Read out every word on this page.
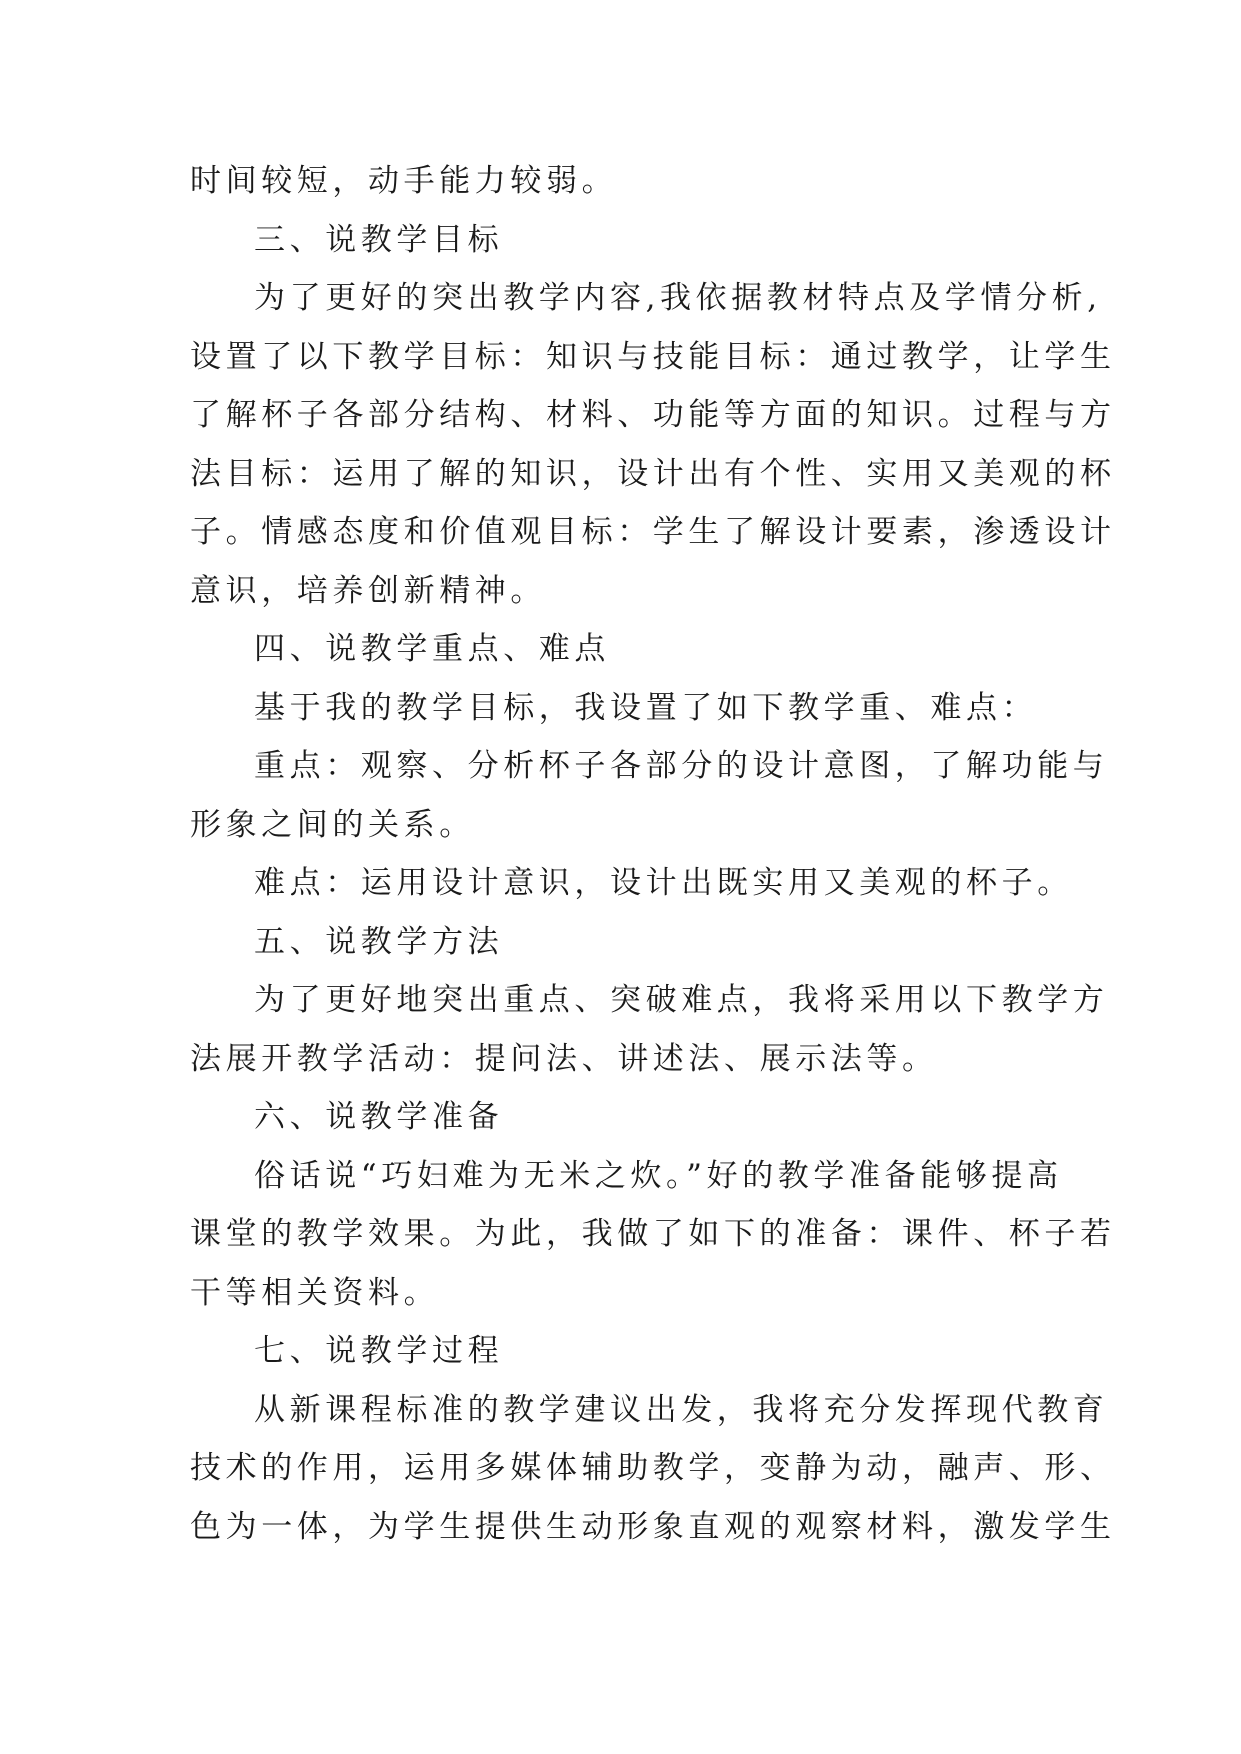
时间较短，动手能力较弱。
三、说教学目标
为了更好的突出教学内容,我依据教材特点及学情分析,
设置了以下教学目标：知识与技能目标：通过教学，让学生
了解杯子各部分结构、材料、功能等方面的知识。过程与方
法目标：运用了解的知识，设计出有个性、实用又美观的杯
子。情感态度和价值观目标：学生了解设计要素，渗透设计
意识，培养创新精神。
四、说教学重点、难点
基于我的教学目标，我设置了如下教学重、难点：
重点：观察、分析杯子各部分的设计意图，了解功能与
形象之间的关系。
难点：运用设计意识，设计出既实用又美观的杯子。
五、说教学方法
为了更好地突出重点、突破难点，我将采用以下教学方
法展开教学活动：提问法、讲述法、展示法等。
六、说教学准备
俗话说“巧妇难为无米之炊。”好的教学准备能够提高
课堂的教学效果。为此，我做了如下的准备：课件、杯子若
干等相关资料。
七、说教学过程
从新课程标准的教学建议出发，我将充分发挥现代教育
技术的作用，运用多媒体辅助教学，变静为动，融声、形、
色为一体，为学生提供生动形象直观的观察材料，激发学生
